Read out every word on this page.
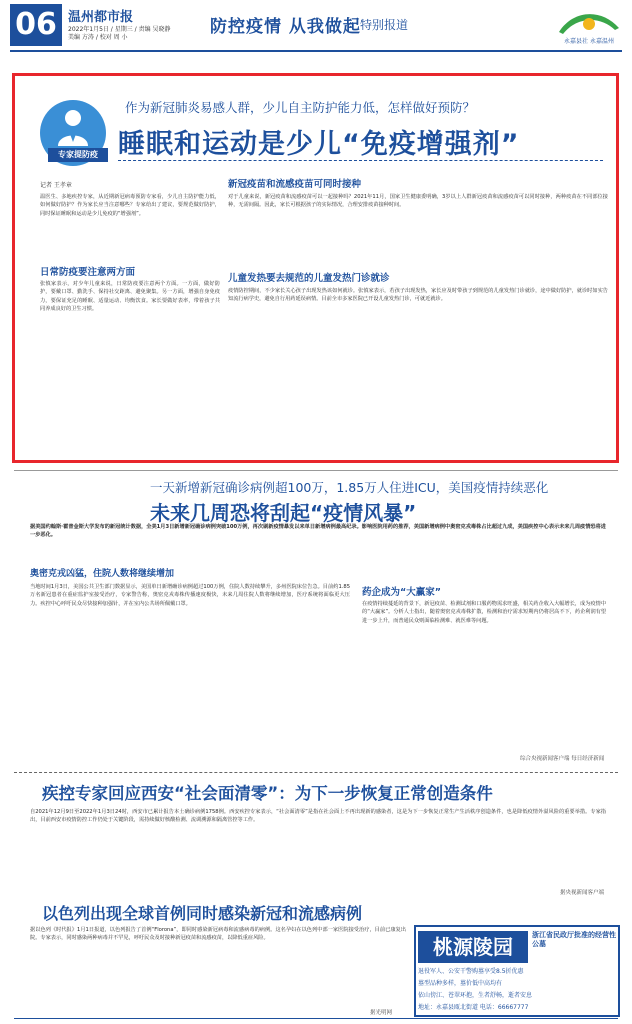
06 温州都市报
2022年1月5日 / 星期三 / 责编 吴晓静
美编 方涛 / 校对 周 小
防控疫情 从我做起 特别报道
永嘉县社 永嘉温州
专家提防疫
作为新冠肺炎易感人群，少儿自主防护能力低，怎样做好预防？
睡眠和运动是少儿“免疫增强剂”
记者 王孝章
温医生、多地疾控专家，从近期新冠病毒预防专家看，少儿自主防护能力低，如何做好防护？作为家长应当注意哪些？专家给出了建议，要规范做好防护，同时保证睡眠和运动是少儿免疫的“增强剂”。
日常防疫要注意两方面
张慎家表示，对少年儿童来说，日常防疫要注意两个方面。一方面，做好防护，要戴口罩、勤洗手、保持社交距离、避免聚集。另一方面，增强自身免疫力，要保证充足的睡眠、适量运动、均衡饮食。家长要做好表率，带着孩子共同养成良好的卫生习惯。
新冠疫苗和流感疫苗可同时接种
对于儿童来说，新冠疫苗和流感疫苗可以一起接种吗？2021年11月，国家卫生健康委明确，3岁以上人群新冠疫苗和流感疫苗可以同时接种，两种疫苗在不同部位接种，无需间隔。因此，家长可根据孩子的实际情况，合理安排疫苗接种时间。
儿童发热要去规范的儿童发热门诊就诊
疫情防控期间，不少家长关心孩子出现发热该如何就诊。张慎家表示，若孩子出现发热，家长应及时带孩子到规范的儿童发热门诊就诊，途中做好防护，就诊时如实告知流行病学史，避免自行用药延误病情。目前全市多家医院已开设儿童发热门诊，可就近就诊。
一天新增新冠确诊病例超100万，1.85万人住进ICU，美国疫情持续恶化
未来几周恐将刮起“疫情风暴”
据美国约翰斯·霍普金斯大学发布的新冠统计数据，全美1月3日新增新冠确诊病例突破100万例，再次刷新疫情暴发以来单日新增病例最高纪录。影响医院用药的推荐，美国新增病例中奥密克戎毒株占比超过九成，美国疾控中心表示未来几周疫情恐将进一步恶化。
奥密克戎凶猛，住院人数将继续增加
当地时间1月3日，美国公共卫生部门数据显示，美国单日新增确诊病例超过100万例，住院人数持续攀升，多州医院床位告急。目前约1.85万名新冠患者在重症监护室接受治疗，专家警告称，奥密克戎毒株传播速度极快，未来几周住院人数将继续增加，医疗系统将面临更大压力。疾控中心呼吁民众尽快接种加强针，并在室内公共场所佩戴口罩。
药企成为“大赢家”
在疫情持续蔓延的背景下，新冠疫苗、检测试剂和口服药物需求旺盛，相关药企收入大幅增长，成为疫情中的“大赢家”。分析人士指出，随着奥密克戎毒株扩散，检测和治疗需求短期内仍将居高不下，药企利润有望进一步上升，而普通民众则面临检测难、就医难等问题。
综合央视新闻客户端 每日经济新闻
疾控专家回应西安“社会面清零”：为下一步恢复正常创造条件
自2021年12月9日至2022年1月3日24时，西安市已累计报告本土确诊病例1758例。西安疾控专家表示，“社会面清零”是指在社会面上不再出现新的感染者，这是为下一步恢复正常生产生活秩序创造条件，也是降低疫情外溢风险的重要举措。专家指出，目前西安市疫情防控工作仍处于关键阶段，需持续做好核酸检测、流调溯源和隔离管控等工作。
据央视新闻客户端
以色列出现全球首例同时感染新冠和流感病例
据以色列《时代报》1月1日报道，以色列报告了首例“Florona”，即同时感染新冠病毒和流感病毒的病例。这名孕妇在以色列中部一家医院接受治疗，目前已康复出院。专家表示，同时感染两种病毒并不罕见，呼吁民众及时接种新冠疫苗和流感疫苗，以降低重症风险。
据光明网
桃源陵园	浙江省民政厅批准的经营性公墓
退役军人、公安干警购墓享受8.5折优惠
墓型品种多样，墓价低中高均有
依山傍江、苍翠环抱，生者舒畅，逝者安息
地址：永嘉县瓯北街道 电话：66667777
